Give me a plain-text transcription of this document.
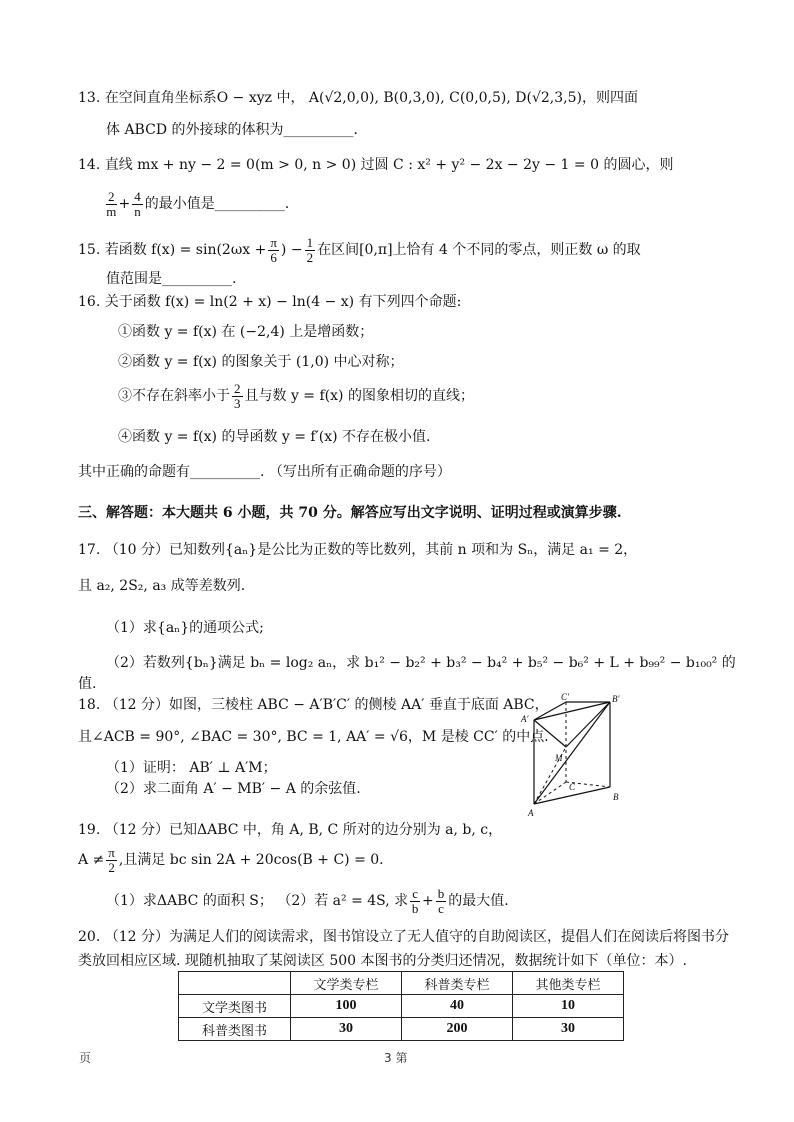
13. 在空间直角坐标系O − xyz 中， A(√2,0,0), B(0,3,0), C(0,0,5), D(√2,3,5)，则四面
体 ABCD 的外接球的体积为__________.
14. 直线 mx + ny − 2 = 0(m > 0, n > 0) 过圆 C : x² + y² − 2x − 2y − 1 = 0 的圆心，则
$\frac{2}{m} + \frac{4}{n}$ 的最小值是__________.
15. 若函数 $f(x) = \sin(2\omega x + \frac{\pi}{6}$ ) − $\frac{1}{2}$ 在区间[0,π]上恰有 4 个不同的零点，则正数 ω 的取
值范围是__________.
16. 关于函数 f(x) = ln(2 + x) − ln(4 − x) 有下列四个命题:
①函数 y = f(x) 在 (−2,4) 上是增函数；
②函数 y = f(x) 的图象关于 (1,0) 中心对称；
③不存在斜率小于 $\frac{2}{3}$ 且与数 y = f(x) 的图象相切的直线；
④函数 y = f(x) 的导函数 y = f′(x) 不存在极小值.
其中正确的命题有__________. （写出所有正确命题的序号）
三、解答题：本大题共 6 小题，共 70 分。解答应写出文字说明、证明过程或演算步骤.
17. （10 分）已知数列{aₙ}是公比为正数的等比数列，其前 n 项和为 Sₙ，满足 a₁ = 2，
且 a₂, 2S₂, a₃ 成等差数列.
（1）求{aₙ}的通项公式;
（2）若数列{bₙ}满足 bₙ = log₂ aₙ，求 b₁² − b₂² + b₃² − b₄² + b₅² − b₆² + L + b₉₉² − b₁₀₀² 的
值.
18. （12 分）如图，三棱柱 ABC − A′B′C′ 的侧棱 AA′ 垂直于底面 ABC，
且∠ACB = 90°, ∠BAC = 30°, BC = 1, AA′ = √6，M 是棱 CC′ 的中点.
（1）证明： AB′ ⊥ A′M；
（2）求二面角 A′ − MB′ − A 的余弦值.
C′	B′
A′
M
C
B
A
19. （12 分）已知ΔABC 中，角 A, B, C 所对的边分别为 a, b, c，
$A \ne \frac{\pi}{2}$ ,且满足 bc sin 2A + 20cos(B + C) = 0.
（1）求ΔABC 的面积 S； （2）若 a² = 4S, 求 $\frac{c}{b} + \frac{b}{c}$ 的最大值.
20. （12 分）为满足人们的阅读需求，图书馆设立了无人值守的自助阅读区，提倡人们在阅读后将图书分
类放回相应区域. 现随机抽取了某阅读区 500 本图书的分类归还情况，数据统计如下（单位：本）.
	文学类专栏	科普类专栏	其他类专栏
文学类图书	100	40	10
科普类图书	30	200	30
页	3 第
